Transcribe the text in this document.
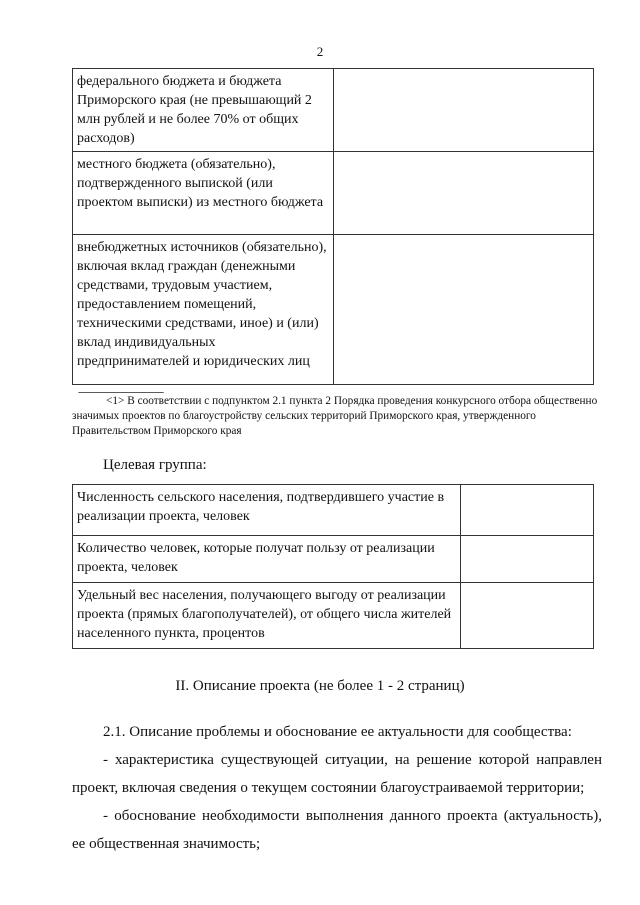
2
федерального бюджета и бюджета Приморского края (не превышающий 2 млн рублей и не более 70% от общих расходов)	
местного бюджета (обязательно), подтвержденного выпиской (или проектом выписки) из местного бюджета	
внебюджетных источников (обязательно), включая вклад граждан (денежными средствами, трудовым участием, предоставлением помещений, техническими средствами, иное) и (или) вклад индивидуальных предпринимателей и юридических лиц	
--------------------------------
<1> В соответствии с подпунктом 2.1 пункта 2 Порядка проведения конкурсного отбора общественно значимых проектов по благоустройству сельских территорий Приморского края, утвержденного Правительством Приморского края
Целевая группа:
Численность сельского населения, подтвердившего участие в реализации проекта, человек	
Количество человек, которые получат пользу от реализации проекта, человек	
Удельный вес населения, получающего выгоду от реализации проекта (прямых благополучателей), от общего числа жителей населенного пункта, процентов	
II. Описание проекта (не более 1 - 2 страниц)
2.1. Описание проблемы и обоснование ее актуальности для сообщества:
- характеристика существующей ситуации, на решение которой направлен проект, включая сведения о текущем состоянии благоустраиваемой территории;
- обоснование необходимости выполнения данного проекта (актуальность), ее общественная значимость;
